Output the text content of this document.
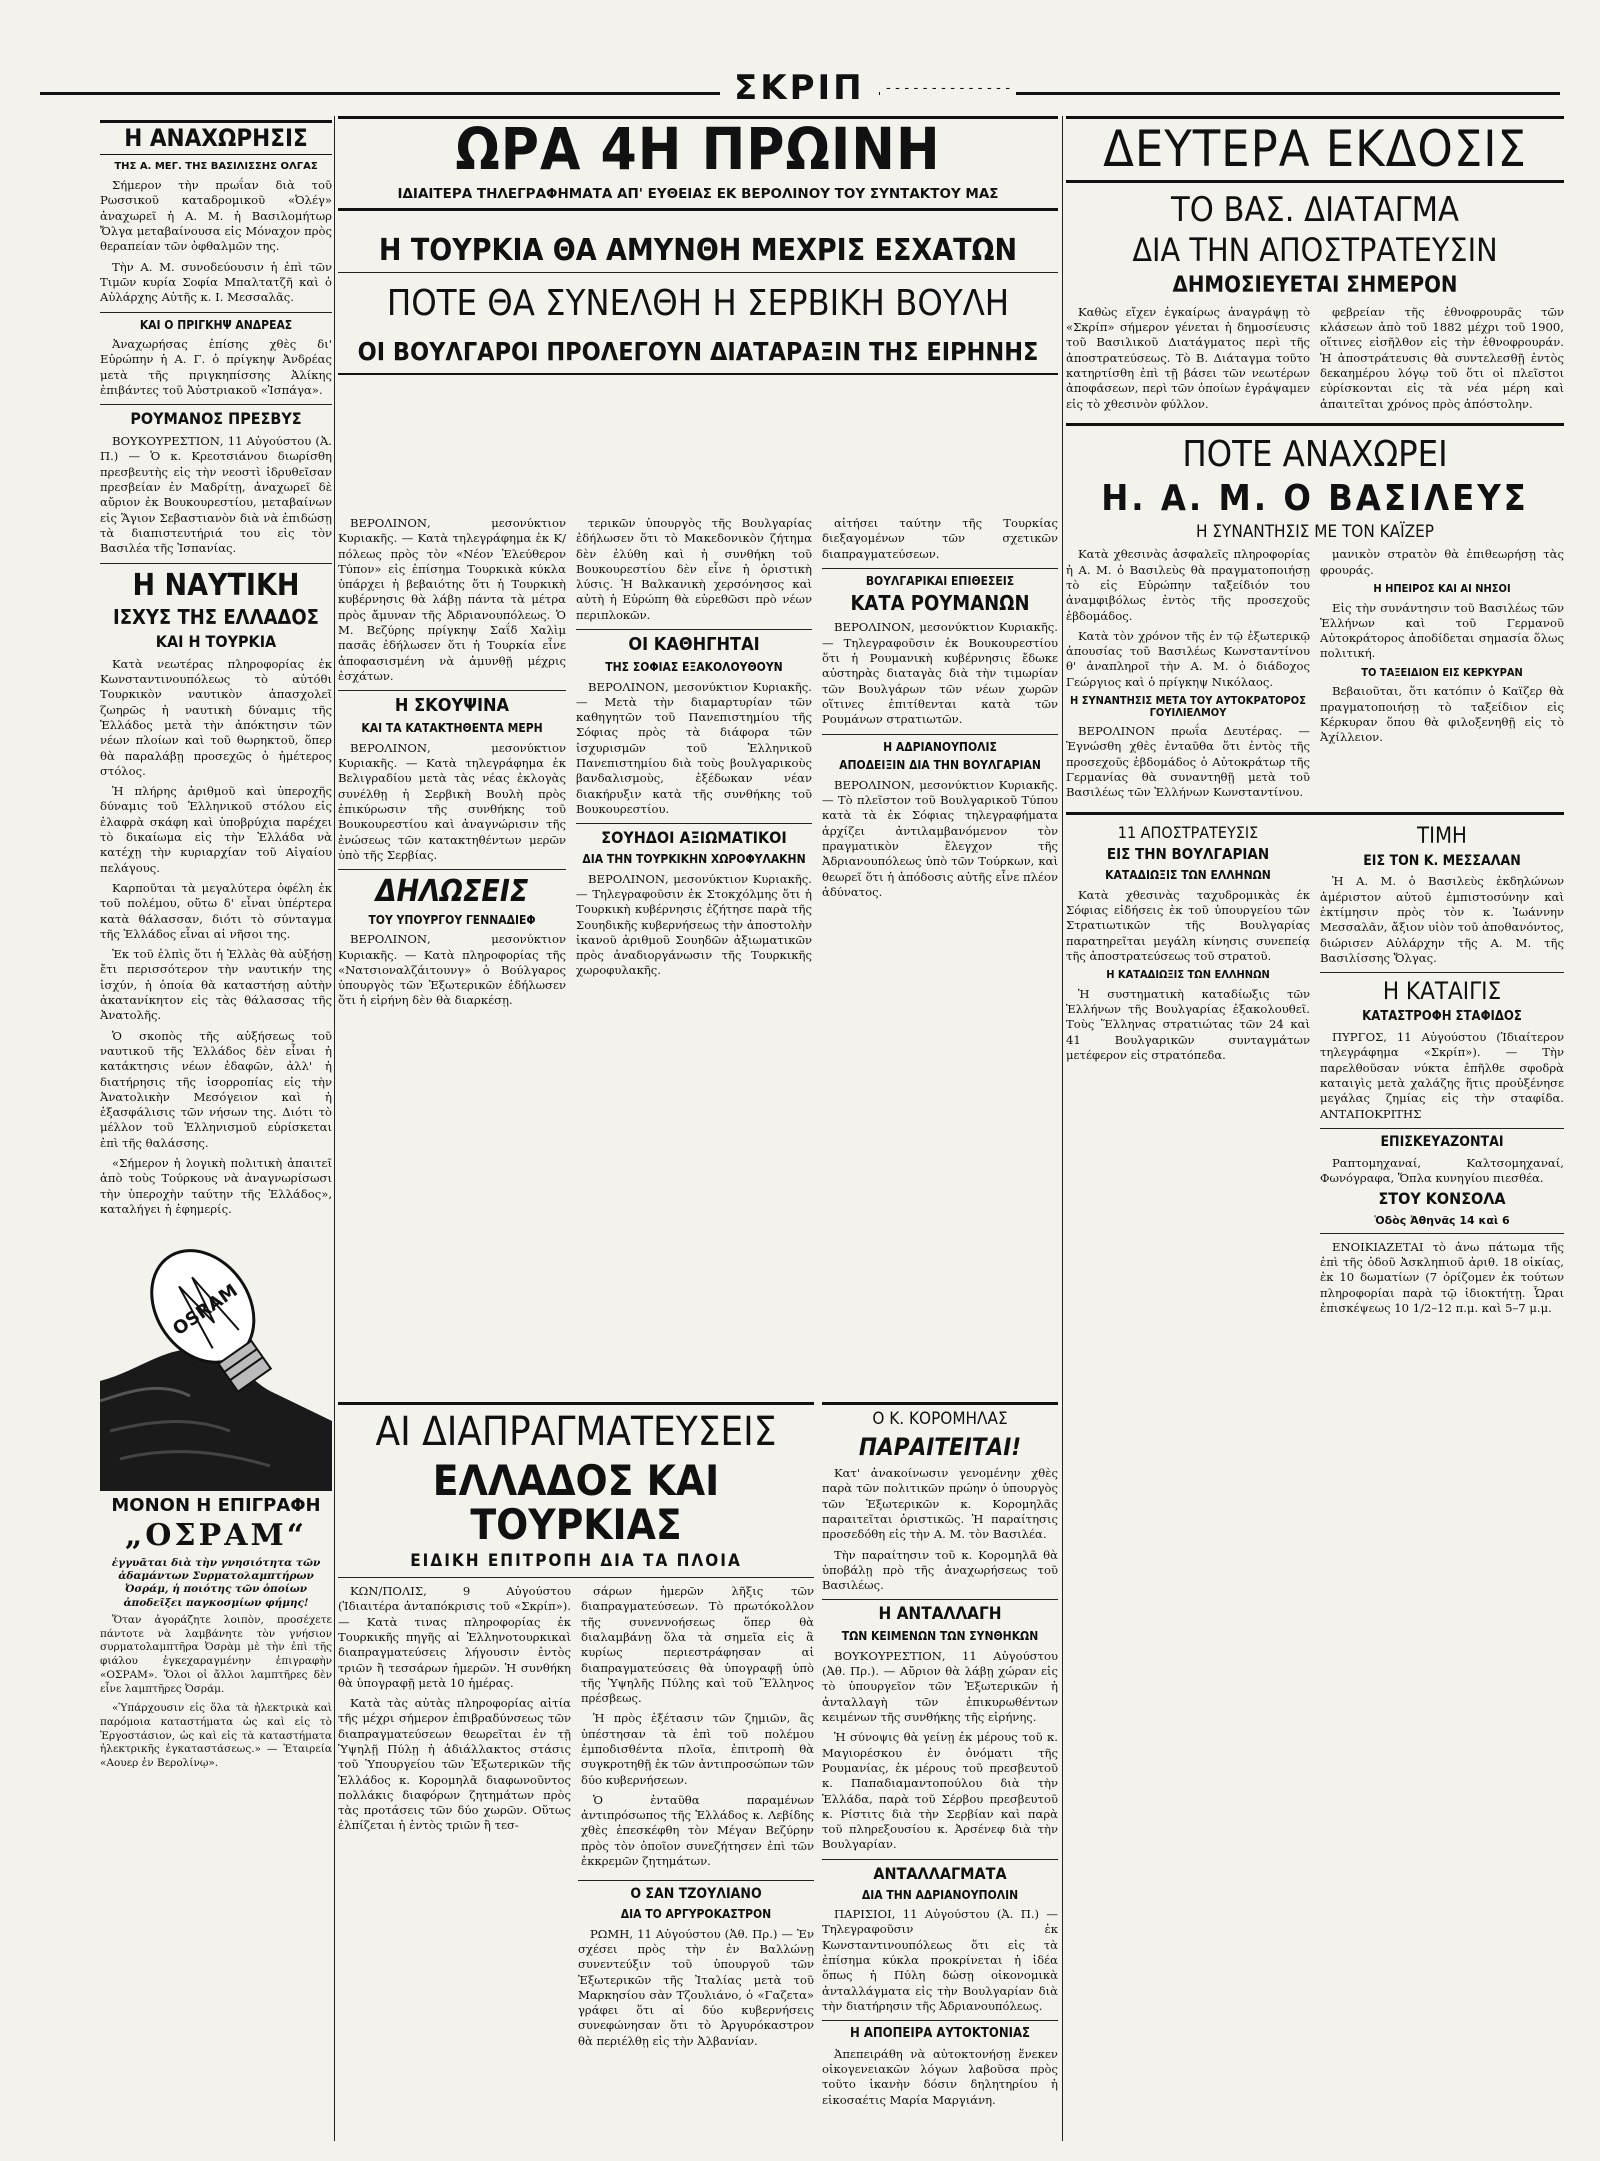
ΣΚΡΙΠ	- - - - - - - - - - - - - -
Η ΑΝΑΧΩΡΗΣΙΣ
ΤΗΣ Α. ΜΕΓ. ΤΗΣ ΒΑΣΙΛΙΣΣΗΣ ΟΛΓΑΣ

Σήμερον τὴν πρωΐαν διὰ τοῦ Ρωσσικοῦ καταδρομικοῦ «Ὀλέγ» ἀναχωρεῖ ἡ Α. Μ. ἡ Βασιλομήτωρ Ὄλγα μεταβαίνουσα εἰς Μόναχον πρὸς θεραπείαν τῶν ὀφθαλμῶν της.

Τὴν Α. Μ. συνοδεύουσιν ἡ ἐπὶ τῶν Τιμῶν κυρία Σοφία Μπαλτατζῆ καὶ ὁ Αὐλάρχης Αὐτῆς κ. Ι. Μεσσαλᾶς.

ΚΑΙ Ο ΠΡΙΓΚΗΨ ΑΝΔΡΕΑΣ

Ἀναχωρήσας ἐπίσης χθὲς δι' Εὐρώπην ἡ Α. Γ. ὁ πρίγκηψ Ἀνδρέας μετὰ τῆς πριγκηπίσσης Ἀλίκης ἐπιβάντες τοῦ Ἀὐστριακοῦ «Ἰσπάγα».

ΡΟΥΜΑΝΟΣ ΠΡΕΣΒΥΣ

ΒΟΥΚΟΥΡΕΣΤΙΟΝ, 11 Αὐγούστου (Ἀ. Π.) — Ὁ κ. Κρεοτσιάνου διωρίσθη πρεσβευτὴς εἰς τὴν νεοστὶ ἱδρυθεῖσαν πρεσβείαν ἐν Μαδρίτῃ, ἀναχωρεῖ δὲ αὔριον ἐκ Βουκουρεστίου, μεταβαίνων εἰς Ἅγιον Σεβαστιανὸν διὰ νὰ ἐπιδώσῃ τὰ διαπιστευτήριά του εἰς τὸν Βασιλέα τῆς Ἰσπανίας.

Η ΝΑΥΤΙΚΗ
ΙΣΧΥΣ ΤΗΣ ΕΛΛΑΔΟΣ
ΚΑΙ Η ΤΟΥΡΚΙΑ

Κατὰ νεωτέρας πληροφορίας ἐκ Κωνσταντινουπόλεως τὸ αὐτόθι Τουρκικὸν ναυτικὸν ἀπασχολεῖ ζωηρῶς ἡ ναυτικὴ δύναμις τῆς Ἑλλάδος μετὰ τὴν ἀπόκτησιν τῶν νέων πλοίων καὶ τοῦ θωρηκτοῦ, ὅπερ θὰ παραλάβῃ προσεχῶς ὁ ἡμέτερος στόλος.

Ἡ πλήρης ἀριθμοῦ καὶ ὑπεροχῆς δύναμις τοῦ Ἑλληνικοῦ στόλου εἰς ἐλαφρὰ σκάφη καὶ ὑποβρύχια παρέχει τὸ δικαίωμα εἰς τὴν Ἑλλάδα νὰ κατέχῃ τὴν κυριαρχίαν τοῦ Αἰγαίου πελάγους.

Καρποῦται τὰ μεγαλύτερα ὀφέλη ἐκ τοῦ πολέμου, οὔτω δ' εἶναι ὑπέρτερα κατὰ θάλασσαν, διότι τὸ σύνταγμα τῆς Ἑλλάδος εἶναι αἱ νῆσοι της.

Ἐκ τοῦ ἐλπὶς ὅτι ἡ Ἑλλὰς θὰ αὐξήσῃ ἔτι περισσότερον τὴν ναυτικήν της ἰσχύν, ἡ ὁποία θὰ καταστήσῃ αὐτὴν ἀκατανίκητον εἰς τὰς θάλασσας τῆς Ἀνατολῆς.

Ὁ σκοπὸς τῆς αὐξήσεως τοῦ ναυτικοῦ τῆς Ἑλλάδος δὲν εἶναι ἡ κατάκτησις νέων ἐδαφῶν, ἀλλ' ἡ διατήρησις τῆς ἰσορροπίας εἰς τὴν Ἀνατολικὴν Μεσόγειον καὶ ἡ ἐξασφάλισις τῶν νήσων της. Διότι τὸ μέλλον τοῦ Ἑλληνισμοῦ εὑρίσκεται ἐπὶ τῆς θαλάσσης.

«Σήμερον ἡ λογικὴ πολιτικὴ ἀπαιτεῖ ἀπὸ τοὺς Τούρκους νὰ ἀναγνωρίσωσι τὴν ὑπεροχὴν ταύτην τῆς Ἑλλάδος», καταλήγει ἡ ἐφημερίς.

OSRAM
ΜΟΝΟΝ Η ΕΠΙΓΡΑΦΗ
„ΟΣΡΑΜ“
ἐγγυᾶται διὰ τὴν γνησιότητα τῶν ἀδαμάντων Συρματολαμπτήρων Ὀσράμ, ἡ ποιότης τῶν ὁποίων ἀποδεῖξει παγκοσμίων φήμης!

Ὅταν ἀγοράζητε λοιπὸν, προσέχετε πάντοτε νὰ λαμβάνητε τὸν γνήσιον συρματολαμπτῆρα Ὀσρὰμ μὲ τὴν ἐπὶ τῆς φιάλου ἐγκεχαραγμένην ἐπιγραφὴν «ΟΣΡΑΜ». Ὅλοι οἱ ἄλλοι λαμπτῆρες δὲν εἶνε λαμπτῆρες Ὀσράμ.

«Ὑπάρχουσιν εἰς ὅλα τὰ ἠλεκτρικὰ καὶ παρόμοια καταστήματα ὡς καὶ εἰς τὸ Ἐργοστάσιον, ὡς καὶ εἰς τὰ καταστήματα ἠλεκτρικῆς ἐγκαταστάσεως.» — Ἐταιρεία «Αουερ ἐν Βερολίνῳ».

ΩΡΑ 4Η ΠΡΩΙΝΗ
ΙΔΙΑΙΤΕΡΑ ΤΗΛΕΓΡΑΦΗΜΑΤΑ ΑΠ' ΕΥΘΕΙΑΣ ΕΚ ΒΕΡΟΛΙΝΟΥ ΤΟΥ ΣΥΝΤΑΚΤΟΥ ΜΑΣ
Η ΤΟΥΡΚΙΑ ΘΑ ΑΜΥΝΘΗ ΜΕΧΡΙΣ ΕΣΧΑΤΩΝ
ΠΟΤΕ ΘΑ ΣΥΝΕΛΘΗ Η ΣΕΡΒΙΚΗ ΒΟΥΛΗ
ΟΙ ΒΟΥΛΓΑΡΟΙ ΠΡΟΛΕΓΟΥΝ ΔΙΑΤΑΡΑΞΙΝ ΤΗΣ ΕΙΡΗΝΗΣ

ΒΕΡΟΛΙΝΟΝ, μεσονύκτιον Κυριακῆς. — Κατὰ τηλεγράφημα ἐκ Κ/πόλεως πρὸς τὸν «Νέον Ἐλεύθερον Τύπον» εἰς ἐπίσημα Τουρκικὰ κύκλα ὑπάρχει ἡ βεβαιότης ὅτι ἡ Τουρκικὴ κυβέρνησις θὰ λάβῃ πάντα τὰ μέτρα πρὸς ἄμυναν τῆς Ἀδριανουπόλεως. Ὁ Μ. Βεζύρης πρίγκηψ Σαΐδ Χαλὶμ πασᾶς ἐδήλωσεν ὅτι ἡ Τουρκία εἶνε ἀποφασισμένη νὰ ἀμυνθῇ μέχρις ἐσχάτων.

Η ΣΚΟΥΨΙΝΑ
ΚΑΙ ΤΑ ΚΑΤΑΚΤΗΘΕΝΤΑ ΜΕΡΗ

ΒΕΡΟΛΙΝΟΝ, μεσονύκτιον Κυριακῆς. — Κατὰ τηλεγράφημα ἐκ Βελιγραδίου μετὰ τὰς νέας ἐκλογὰς συνέλθῃ ἡ Σερβικὴ Βουλὴ πρὸς ἐπικύρωσιν τῆς συνθήκης τοῦ Βουκουρεστίου καὶ ἀναγνώρισιν τῆς ἐνώσεως τῶν κατακτηθέντων μερῶν ὑπὸ τῆς Σερβίας.

ΔΗΛΩΣΕΙΣ
ΤΟΥ ΥΠΟΥΡΓΟΥ ΓΕΝΝΑΔΙΕΦ

ΒΕΡΟΛΙΝΟΝ, μεσονύκτιον Κυριακῆς. — Κατὰ πληροφορίας τῆς «Νατσιοναλζάιτουνγ» ὁ Βούλγαρος ὑπουργὸς τῶν Ἐξωτερικῶν ἐδήλωσεν ὅτι ἡ εἰρήνη δὲν θὰ διαρκέσῃ.

τερικῶν ὑπουργὸς τῆς Βουλγαρίας ἐδήλωσεν ὅτι τὸ Μακεδονικὸν ζήτημα δὲν ἐλύθη καὶ ἡ συνθήκη τοῦ Βουκουρεστίου δὲν εἶνε ἡ ὁριστικὴ λύσις. Ἡ Βαλκανικὴ χερσόνησος καὶ αὐτὴ ἡ Εὐρώπη θὰ εὑρεθῶσι πρὸ νέων περιπλοκῶν.

ΟΙ ΚΑΘΗΓΗΤΑΙ
ΤΗΣ ΣΟΦΙΑΣ ΕΞΑΚΟΛΟΥΘΟΥΝ

ΒΕΡΟΛΙΝΟΝ, μεσονύκτιον Κυριακῆς. — Μετὰ τὴν διαμαρτυρίαν τῶν καθηγητῶν τοῦ Πανεπιστημίου τῆς Σόφιας πρὸς τὰ διάφορα τῶν ἰσχυρισμῶν τοῦ Ἑλληνικοῦ Πανεπιστημίου διὰ τοὺς βουλγαρικοὺς βανδαλισμοὺς, ἐξέδωκαν νέαν διακήρυξιν κατὰ τῆς συνθήκης τοῦ Βουκουρεστίου.

ΣΟΥΗΔΟΙ ΑΞΙΩΜΑΤΙΚΟΙ
ΔΙΑ ΤΗΝ ΤΟΥΡΚΙΚΗΝ ΧΩΡΟΦΥΛΑΚΗΝ

ΒΕΡΟΛΙΝΟΝ, μεσονύκτιον Κυριακῆς. — Τηλεγραφοῦσιν ἐκ Στοκχόλμης ὅτι ἡ Τουρκικὴ κυβέρνησις ἐζήτησε παρὰ τῆς Σουηδικῆς κυβερνήσεως τὴν ἀποστολὴν ἱκανοῦ ἀριθμοῦ Σουηδῶν ἀξιωματικῶν πρὸς ἀναδιοργάνωσιν τῆς Τουρκικῆς χωροφυλακῆς.

αἰτήσει ταύτην τῆς Τουρκίας διεξαγομένων τῶν σχετικῶν διαπραγματεύσεων.

ΒΟΥΛΓΑΡΙΚΑΙ ΕΠΙΘΕΣΕΙΣ
ΚΑΤΑ ΡΟΥΜΑΝΩΝ

ΒΕΡΟΛΙΝΟΝ, μεσονύκτιον Κυριακῆς. — Τηλεγραφοῦσιν ἐκ Βουκουρεστίου ὅτι ἡ Ρουμανικὴ κυβέρνησις ἔδωκε αὐστηρὰς διαταγὰς διὰ τὴν τιμωρίαν τῶν Βουλγάρων τῶν νέων χωρῶν οἵτινες ἐπιτίθενται κατὰ τῶν Ρουμάνων στρατιωτῶν.

Η ΑΔΡΙΑΝΟΥΠΟΛΙΣ
ΑΠΟΔΕΙΞΙΝ ΔΙΑ ΤΗΝ ΒΟΥΛΓΑΡΙΑΝ

ΒΕΡΟΛΙΝΟΝ, μεσονύκτιον Κυριακῆς. — Τὸ πλεῖστον τοῦ Βουλγαρικοῦ Τύπου κατὰ τὰ ἐκ Σόφιας τηλεγραφήματα ἀρχίζει ἀντιλαμβανόμενον τὸν πραγματικὸν ἔλεγχον τῆς Ἀδριανουπόλεως ὑπὸ τῶν Τούρκων, καὶ θεωρεῖ ὅτι ἡ ἀπόδοσις αὐτῆς εἶνε πλέον ἀδύνατος.

ΑΙ ΔΙΑΠΡΑΓΜΑΤΕΥΣΕΙΣ
ΕΛΛΑΔΟΣ ΚΑΙ ΤΟΥΡΚΙΑΣ
ΕΙΔΙΚΗ ΕΠΙΤΡΟΠΗ ΔΙΑ ΤΑ ΠΛΟΙΑ

ΚΩΝ/ΠΟΛΙΣ, 9 Αὐγούστου (Ἰδιαιτέρα ἀνταπόκρισις τοῦ «Σκρίπ»). — Κατὰ τινας πληροφορίας ἐκ Τουρκικῆς πηγῆς αἱ Ἑλληνοτουρκικαὶ διαπραγματεύσεις λήγουσιν ἐντὸς τριῶν ἢ τεσσάρων ἡμερῶν. Ἡ συνθήκη θὰ ὑπογραφῇ μετὰ 10 ἡμέρας.

Κατὰ τὰς αὐτὰς πληροφορίας αἰτία τῆς μέχρι σήμερον ἐπιβραδύνσεως τῶν διαπραγματεύσεων θεωρεῖται ἐν τῇ Ὑψηλῇ Πύλῃ ἡ ἀδιάλλακτος στάσις τοῦ Ὑπουργείου τῶν Ἐξωτερικῶν τῆς Ἑλλάδος κ. Κορομηλᾶ διαφωνοῦντος πολλάκις διαφόρων ζητημάτων πρὸς τὰς προτάσεις τῶν δύο χωρῶν. Οὕτως ἐλπίζεται ἡ ἐντὸς τριῶν ἢ τεσ-

σάρων ἡμερῶν λῆξις τῶν διαπραγματεύσεων. Τὸ πρωτόκολλον τῆς συνεννοήσεως ὅπερ θὰ διαλαμβάνῃ ὅλα τὰ σημεῖα εἰς ἃ κυρίως περιεστράφησαν αἱ διαπραγματεύσεις θὰ ὑπογραφῇ ὑπὸ τῆς Ὑψηλῆς Πύλης καὶ τοῦ Ἕλληνος πρέσβεως.

Ἡ πρὸς ἐξέτασιν τῶν ζημιῶν, ἃς ὑπέστησαν τὰ ἐπὶ τοῦ πολέμου ἐμποδισθέντα πλοῖα, ἐπιτροπὴ θὰ συγκροτηθῇ ἐκ τῶν ἀντιπροσώπων τῶν δύο κυβερνήσεων.

Ὁ ἐνταῦθα παραμένων ἀντιπρόσωπος τῆς Ἑλλάδος κ. Λεβίδης χθὲς ἐπεσκέφθη τὸν Μέγαν Βεζύρην πρὸς τὸν ὁποῖον συνεζήτησεν ἐπὶ τῶν ἐκκρεμῶν ζητημάτων.

Ο ΣΑΝ ΤΖΟΥΛΙΑΝΟ
ΔΙΑ ΤΟ ΑΡΓΥΡΟΚΑΣΤΡΟΝ

ΡΩΜΗ, 11 Αὐγούστου (Ἀθ. Πρ.) — Ἐν σχέσει πρὸς τὴν ἐν Βαλλώνῃ συνεντεύξιν τοῦ ὑπουργοῦ τῶν Ἐξωτερικῶν τῆς Ἰταλίας μετὰ τοῦ Μαρκησίου σὰν Τζουλιάνο, ὁ «Γαζετα» γράφει ὅτι αἱ δύο κυβερνήσεις συνεφώνησαν ὅτι τὸ Ἀργυρόκαστρον θὰ περιέλθῃ εἰς τὴν Ἀλβανίαν.

Ο Κ. ΚΟΡΟΜΗΛΑΣ
ΠΑΡΑΙΤΕΙΤΑΙ!

Κατ' ἀνακοίνωσιν γενομένην χθὲς παρὰ τῶν πολιτικῶν πρώην ὁ ὑπουργὸς τῶν Ἐξωτερικῶν κ. Κορομηλᾶς παραιτεῖται ὀριστικῶς. Ἡ παραίτησις προσεδόθη εἰς τὴν Α. Μ. τὸν Βασιλέα.

Τὴν παραίτησιν τοῦ κ. Κορομηλᾶ θὰ ὑποβάλῃ πρὸ τῆς ἀναχωρήσεως τοῦ Βασιλέως.

Η ΑΝΤΑΛΛΑΓΗ
ΤΩΝ ΚΕΙΜΕΝΩΝ ΤΩΝ ΣΥΝΘΗΚΩΝ

ΒΟΥΚΟΥΡΕΣΤΙΟΝ, 11 Αὐγούστου (Ἀθ. Πρ.). — Αὔριον θὰ λάβῃ χώραν εἰς τὸ ὑπουργεῖον τῶν Ἐξωτερικῶν ἡ ἀνταλλαγὴ τῶν ἐπικυρωθέντων κειμένων τῆς συνθήκης τῆς εἰρήνης.

Ἡ σύνοψις θὰ γείνῃ ἐκ μέρους τοῦ κ. Μαγιορέσκου ἐν ὀνόματι τῆς Ρουμανίας, ἐκ μέρους τοῦ πρεσβευτοῦ κ. Παπαδιαμαντοπούλου διὰ τὴν Ἑλλάδα, παρὰ τοῦ Σέρβου πρεσβευτοῦ κ. Ρίστιτς διὰ τὴν Σερβίαν καὶ παρὰ τοῦ πληρεξουσίου κ. Ἀρσένεφ διὰ τὴν Βουλγαρίαν.

ΑΝΤΑΛΛΑΓΜΑΤΑ
ΔΙΑ ΤΗΝ ΑΔΡΙΑΝΟΥΠΟΛΙΝ

ΠΑΡΙΣΙΟΙ, 11 Αὐγούστου (Ἀ. Π.) — Τηλεγραφοῦσιν ἐκ Κωνσταντινουπόλεως ὅτι εἰς τὰ ἐπίσημα κύκλα προκρίνεται ἡ ἰδέα ὅπως ἡ Πύλη δώσῃ οἰκονομικὰ ἀνταλλάγματα εἰς τὴν Βουλγαρίαν διὰ τὴν διατήρησιν τῆς Ἀδριανουπόλεως.

Η ΑΠΟΠΕΙΡΑ ΑΥΤΟΚΤΟΝΙΑΣ

Ἀπεπειράθη νὰ αὐτοκτονήσῃ ἕνεκεν οἰκογενειακῶν λόγων λαβοῦσα πρὸς τοῦτο ἱκανὴν δόσιν δηλητηρίου ἡ εἰκοσαέτις Μαρία Μαργιάνη.

ΔΕΥΤΕΡΑ ΕΚΔΟΣΙΣ
ΤΟ ΒΑΣ. ΔΙΑΤΑΓΜΑ
ΔΙΑ ΤΗΝ ΑΠΟΣΤΡΑΤΕΥΣΙΝ
ΔΗΜΟΣΙΕΥΕΤΑΙ ΣΗΜΕΡΟΝ

Καθὼς εἴχεν ἐγκαίρως ἀναγράψῃ τὸ «Σκρίπ» σήμερον γένεται ἡ δημοσίευσις τοῦ Βασιλικοῦ Διατάγματος περὶ τῆς ἀποστρατεύσεως. Τὸ Β. Διάταγμα τοῦτο κατηρτίσθη ἐπὶ τῇ βάσει τῶν νεωτέρων ἀποφάσεων, περὶ τῶν ὁποίων ἐγράψαμεν εἰς τὸ χθεσινὸν φύλλον.

φεβρείαν τῆς ἐθνοφρουρᾶς τῶν κλάσεων ἀπὸ τοῦ 1882 μέχρι τοῦ 1900, οἵτινες εἰσῆλθον εἰς τὴν ἐθνοφρουράν. Ἡ ἀποστράτευσις θὰ συντελεσθῇ ἐντὸς δεκαημέρου λόγῳ τοῦ ὅτι οἱ πλεῖστοι εὑρίσκονται εἰς τὰ νέα μέρη καὶ ἀπαιτεῖται χρόνος πρὸς ἀπόστολην.

ΠΟΤΕ ΑΝΑΧΩΡΕΙ
Η. Α. Μ. Ο ΒΑΣΙΛΕΥΣ
Η ΣΥΝΑΝΤΗΣΙΣ ΜΕ ΤΟΝ ΚΑΪΖΕΡ

Κατὰ χθεσινὰς ἀσφαλεῖς πληροφορίας ἡ Α. Μ. ὁ Βασιλεὺς θὰ πραγματοποιήσῃ τὸ εἰς Εὐρώπην ταξείδιόν του ἀναμφιβόλως ἐντὸς τῆς προσεχοῦς ἑβδομάδος.

Κατὰ τὸν χρόνον τῆς ἐν τῷ ἐξωτερικῷ ἀπουσίας τοῦ Βασιλέως Κωνσταντίνου θ' ἀναπληροῖ τὴν Α. Μ. ὁ διάδοχος Γεώργιος καὶ ὁ πρίγκηψ Νικόλαος.

Η ΣΥΝΑΝΤΗΣΙΣ ΜΕΤΑ ΤΟΥ ΑΥΤΟΚΡΑΤΟΡΟΣ ΓΟΥΙΛΙΕΛΜΟΥ

ΒΕΡΟΛΙΝΟΝ πρωΐα Δευτέρας. — Ἐγνώσθη χθὲς ἐνταῦθα ὅτι ἐντὸς τῆς προσεχοῦς ἑβδομάδος ὁ Αὐτοκράτωρ τῆς Γερμανίας θὰ συναντηθῇ μετὰ τοῦ Βασιλέως τῶν Ἑλλήνων Κωνσταντίνου.

μανικὸν στρατὸν θὰ ἐπιθεωρήσῃ τὰς φρουράς.

Η ΗΠΕΙΡΟΣ ΚΑΙ ΑΙ ΝΗΣΟΙ

Εἰς τὴν συνάντησιν τοῦ Βασιλέως τῶν Ἑλλήνων καὶ τοῦ Γερμανοῦ Αὐτοκράτορος ἀποδίδεται σημασία ὅλως πολιτική.

ΤΟ ΤΑΞΕΙΔΙΟΝ ΕΙΣ ΚΕΡΚΥΡΑΝ

Βεβαιοῦται, ὅτι κατόπιν ὁ Καϊζερ θὰ πραγματοποιήσῃ τὸ ταξείδιον εἰς Κέρκυραν ὅπου θὰ φιλοξενηθῇ εἰς τὸ Ἀχίλλειον.

11 ΑΠΟΣΤΡΑΤΕΥΣΙΣ
ΕΙΣ ΤΗΝ ΒΟΥΛΓΑΡΙΑΝ
ΚΑΤΑΔΙΩΞΙΣ ΤΩΝ ΕΛΛΗΝΩΝ

Κατὰ χθεσινὰς ταχυδρομικὰς ἐκ Σόφιας εἰδήσεις ἐκ τοῦ ὑπουργείου τῶν Στρατιωτικῶν τῆς Βουλγαρίας παρατηρεῖται μεγάλη κίνησις συνεπείᾳ τῆς ἀποστρατεύσεως τοῦ στρατοῦ.

Η ΚΑΤΑΔΙΩΞΙΣ ΤΩΝ ΕΛΛΗΝΩΝ

Ἡ συστηματικὴ καταδίωξις τῶν Ἑλλήνων τῆς Βουλγαρίας ἐξακολουθεῖ. Τοὺς Ἕλληνας στρατιώτας τῶν 24 καὶ 41 Βουλγαρικῶν συνταγμάτων μετέφερον εἰς στρατόπεδα.

ΤΙΜΗ
ΕΙΣ ΤΟΝ Κ. ΜΕΣΣΑΛΑΝ

Ἡ Α. Μ. ὁ Βασιλεὺς ἐκδηλώνων ἀμέριστον αὐτοῦ ἐμπιστοσύνην καὶ ἐκτίμησιν πρὸς τὸν κ. Ἰωάννην Μεσσαλᾶν, ἄξιον υἱὸν τοῦ ἀποθανόντος, διώρισεν Αὐλάρχην τῆς Α. Μ. τῆς Βασιλίσσης Ὄλγας.

Η ΚΑΤΑΙΓΙΣ
ΚΑΤΑΣΤΡΟΦΗ ΣΤΑΦΙΔΟΣ

ΠΥΡΓΟΣ, 11 Αὐγούστου (Ἰδιαίτερον τηλεγράφημα «Σκρίπ»). — Τὴν παρελθοῦσαν νύκτα ἐπῆλθε σφοδρὰ καταιγὶς μετὰ χαλάζης ἥτις προὐξένησε μεγάλας ζημίας εἰς τὴν σταφίδα. ΑΝΤΑΠΟΚΡΙΤΗΣ

ΕΠΙΣΚΕΥΑΖΟΝΤΑΙ

Ραπτομηχαναί, Καλτσομηχαναί, Φωνόγραφα, Ὅπλα κυνηγίου πιεσθέα.

ΣΤΟΥ ΚΟΝΣΟΛΑ
Ὁδὸς Ἀθηνᾶς 14 καὶ 6

ΕΝΟΙΚΙΑΖΕΤΑΙ τὸ ἀνω πάτωμα τῆς ἐπὶ τῆς ὁδοῦ Ἀσκληπιοῦ ἀριθ. 18 οἰκίας, ἐκ 10 δωματίων (7 ὁρίζομεν ἐκ τούτων πληροφορίαι παρὰ τῷ ἰδιοκτήτῃ. Ὧραι ἐπισκέψεως 10 1/2–12 π.μ. καὶ 5–7 μ.μ.
